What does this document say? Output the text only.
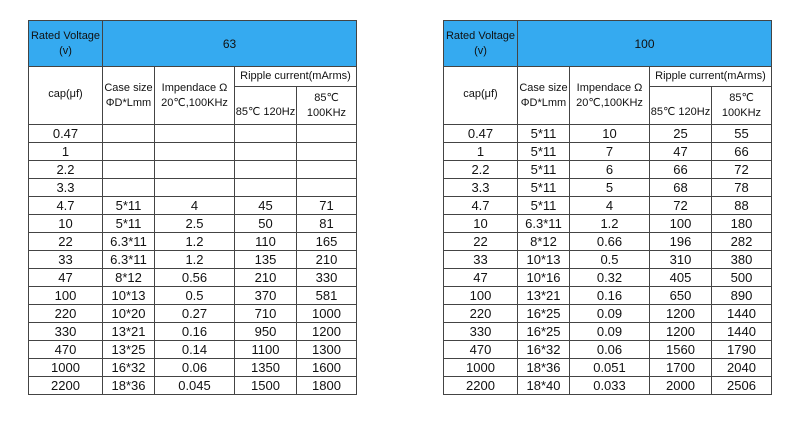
Rated Voltage (v)	63			
cap(μf)	Case size ΦD*Lmm	Impendace Ω 20℃,100KHz	Ripple current(mArms)	
			85℃ 120Hz	85℃ 100KHz
0.47				
1				
2.2				
3.3				
4.7	5*11	4	45	71
10	5*11	2.5	50	81
22	6.3*11	1.2	110	165
33	6.3*11	1.2	135	210
47	8*12	0.56	210	330
100	10*13	0.5	370	581
220	10*20	0.27	710	1000
330	13*21	0.16	950	1200
470	13*25	0.14	1100	1300
1000	16*32	0.06	1350	1600
2200	18*36	0.045	1500	1800
Rated Voltage (v)	100			
cap(μf)	Case size ΦD*Lmm	Impendace Ω 20℃,100KHz	Ripple current(mArms)	
			85℃ 120Hz	85℃ 100KHz
0.47	5*11	10	25	55
1	5*11	7	47	66
2.2	5*11	6	66	72
3.3	5*11	5	68	78
4.7	5*11	4	72	88
10	6.3*11	1.2	100	180
22	8*12	0.66	196	282
33	10*13	0.5	310	380
47	10*16	0.32	405	500
100	13*21	0.16	650	890
220	16*25	0.09	1200	1440
330	16*25	0.09	1200	1440
470	16*32	0.06	1560	1790
1000	18*36	0.051	1700	2040
2200	18*40	0.033	2000	2506
